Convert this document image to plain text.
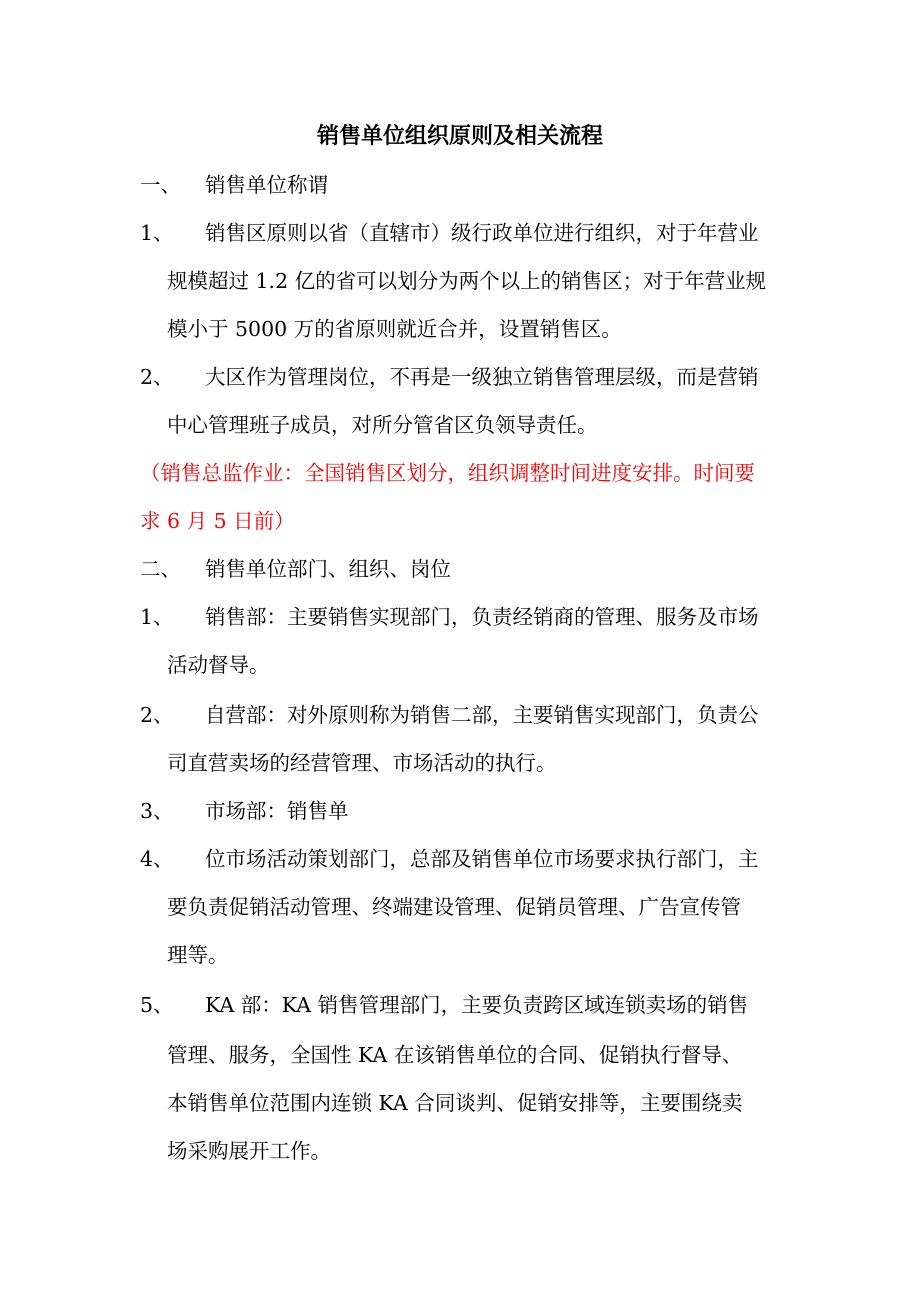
销售单位组织原则及相关流程
一、 销售单位称谓
1、 销售区原则以省（直辖市）级行政单位进行组织，对于年营业
规模超过 1.2 亿的省可以划分为两个以上的销售区；对于年营业规
模小于 5000 万的省原则就近合并，设置销售区。
2、 大区作为管理岗位，不再是一级独立销售管理层级，而是营销
中心管理班子成员，对所分管省区负领导责任。
（销售总监作业：全国销售区划分，组织调整时间进度安排。时间要
求 6 月 5 日前）
二、 销售单位部门、组织、岗位
1、 销售部：主要销售实现部门，负责经销商的管理、服务及市场
活动督导。
2、 自营部：对外原则称为销售二部，主要销售实现部门，负责公
司直营卖场的经营管理、市场活动的执行。
3、 市场部：销售单
4、 位市场活动策划部门，总部及销售单位市场要求执行部门，主
要负责促销活动管理、终端建设管理、促销员管理、广告宣传管
理等。
5、 KA 部：KA 销售管理部门，主要负责跨区域连锁卖场的销售
管理、服务，全国性 KA 在该销售单位的合同、促销执行督导、
本销售单位范围内连锁 KA 合同谈判、促销安排等，主要围绕卖
场采购展开工作。
